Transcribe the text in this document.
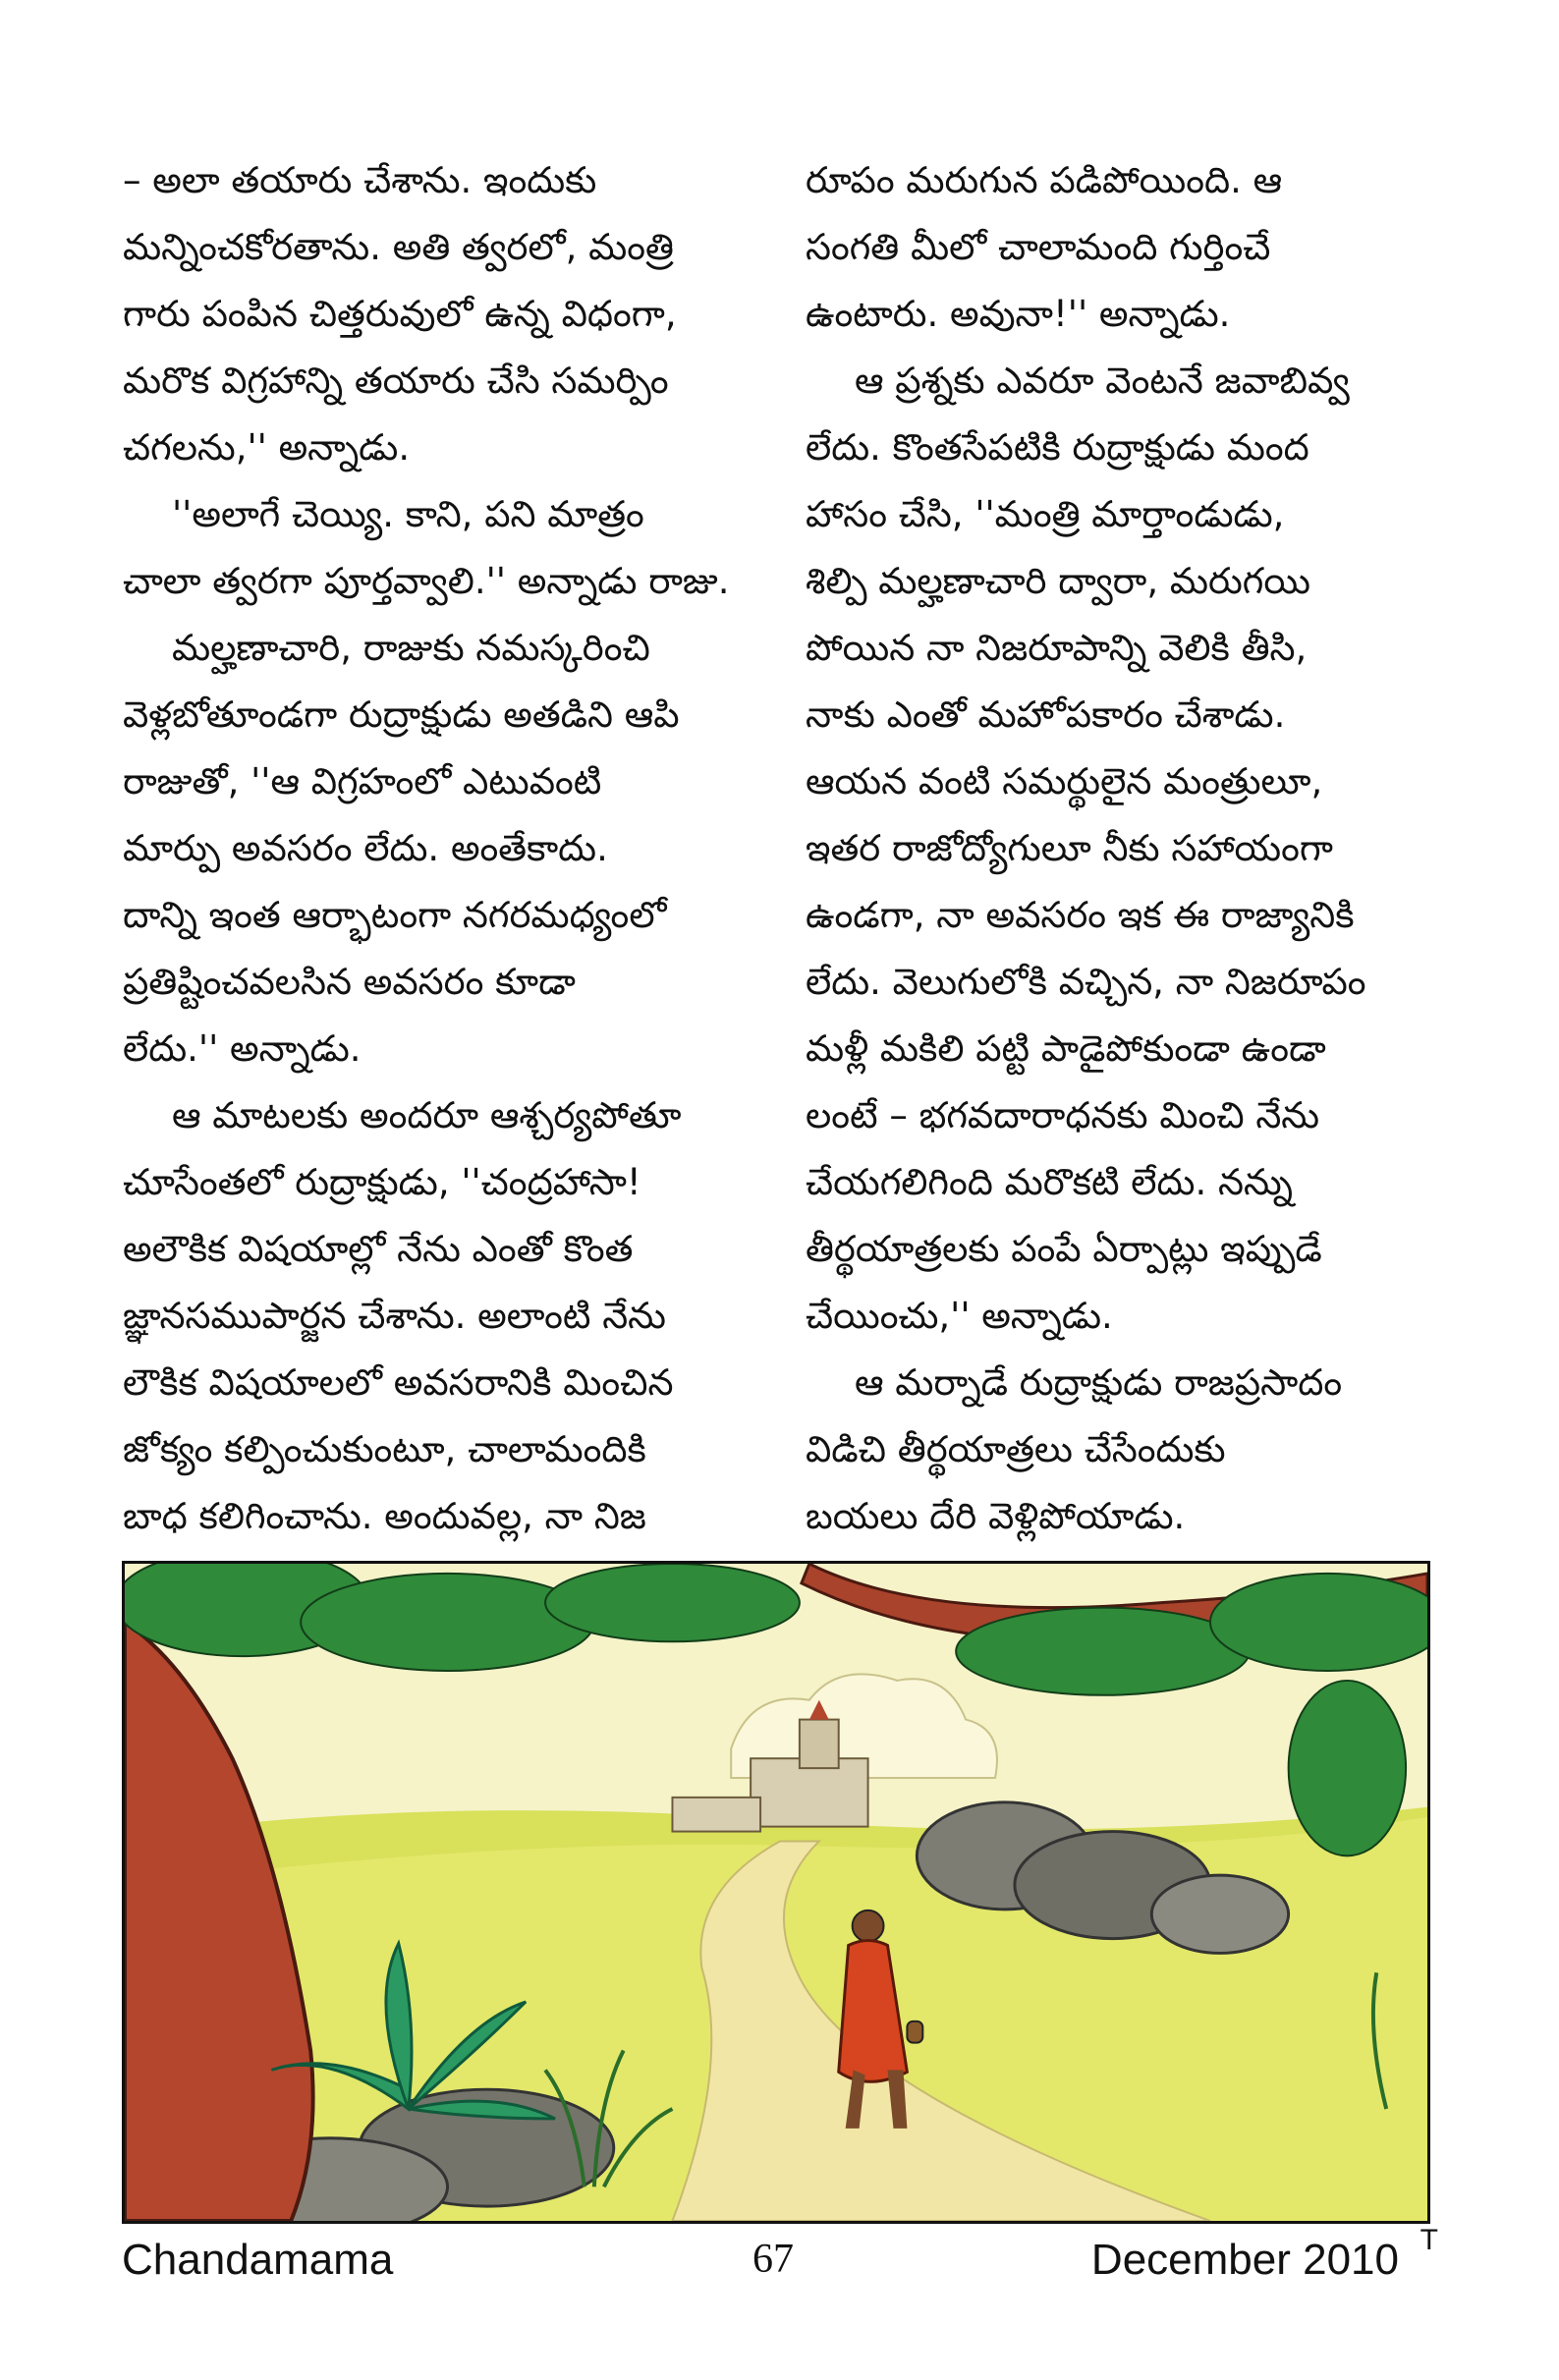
– అలా తయారు చేశాను. ఇందుకు
మన్నించకోరతాను. అతి త్వరలో, మంత్రి
గారు పంపిన చిత్తరువులో ఉన్న విధంగా,
మరొక విగ్రహాన్ని తయారు చేసి సమర్పిం
చగలను,'' అన్నాడు.

''అలాగే చెయ్యి. కాని, పని మాత్రం
చాలా త్వరగా పూర్తవ్వాలి.'' అన్నాడు రాజు.

మల్హణాచారి, రాజుకు నమస్కరించి
వెళ్లబోతూండగా రుద్రాక్షుడు అతడిని ఆపి
రాజుతో, ''ఆ విగ్రహంలో ఎటువంటి
మార్పు అవసరం లేదు. అంతేకాదు.
దాన్ని ఇంత ఆర్భాటంగా నగరమధ్యంలో
ప్రతిష్టించవలసిన అవసరం కూడా
లేదు.'' అన్నాడు.

ఆ మాటలకు అందరూ ఆశ్చర్యపోతూ
చూసేంతలో రుద్రాక్షుడు, ''చంద్రహాసా!
అలౌకిక విషయాల్లో నేను ఎంతో కొంత
జ్ఞానసముపార్జన చేశాను. అలాంటి నేను
లౌకిక విషయాలలో అవసరానికి మించిన
జోక్యం కల్పించుకుంటూ, చాలామందికి
బాధ కలిగించాను. అందువల్ల, నా నిజ

రూపం మరుగున పడిపోయింది. ఆ
సంగతి మీలో చాలామంది గుర్తించే
ఉంటారు. అవునా!'' అన్నాడు.

ఆ ప్రశ్నకు ఎవరూ వెంటనే జవాబివ్వ
లేదు. కొంతసేపటికి రుద్రాక్షుడు మంద
హాసం చేసి, ''మంత్రి మార్తాండుడు,
శిల్పి మల్హణాచారి ద్వారా, మరుగయి
పోయిన నా నిజరూపాన్ని వెలికి తీసి,
నాకు ఎంతో మహోపకారం చేశాడు.
ఆయన వంటి సమర్థులైన మంత్రులూ,
ఇతర రాజోద్యోగులూ నీకు సహాయంగా
ఉండగా, నా అవసరం ఇక ఈ రాజ్యానికి
లేదు. వెలుగులోకి వచ్చిన, నా నిజరూపం
మళ్లీ మకిలి పట్టి పాడైపోకుండా ఉండా
లంటే – భగవదారాధనకు మించి నేను
చేయగలిగింది మరొకటి లేదు. నన్ను
తీర్థయాత్రలకు పంపే ఏర్పాట్లు ఇప్పుడే
చేయించు,'' అన్నాడు.

ఆ మర్నాడే రుద్రాక్షుడు రాజప్రసాదం
విడిచి తీర్థయాత్రలు చేసేందుకు
బయలు దేరి వెళ్లిపోయాడు.

Chandamama	67	December 2010 T
